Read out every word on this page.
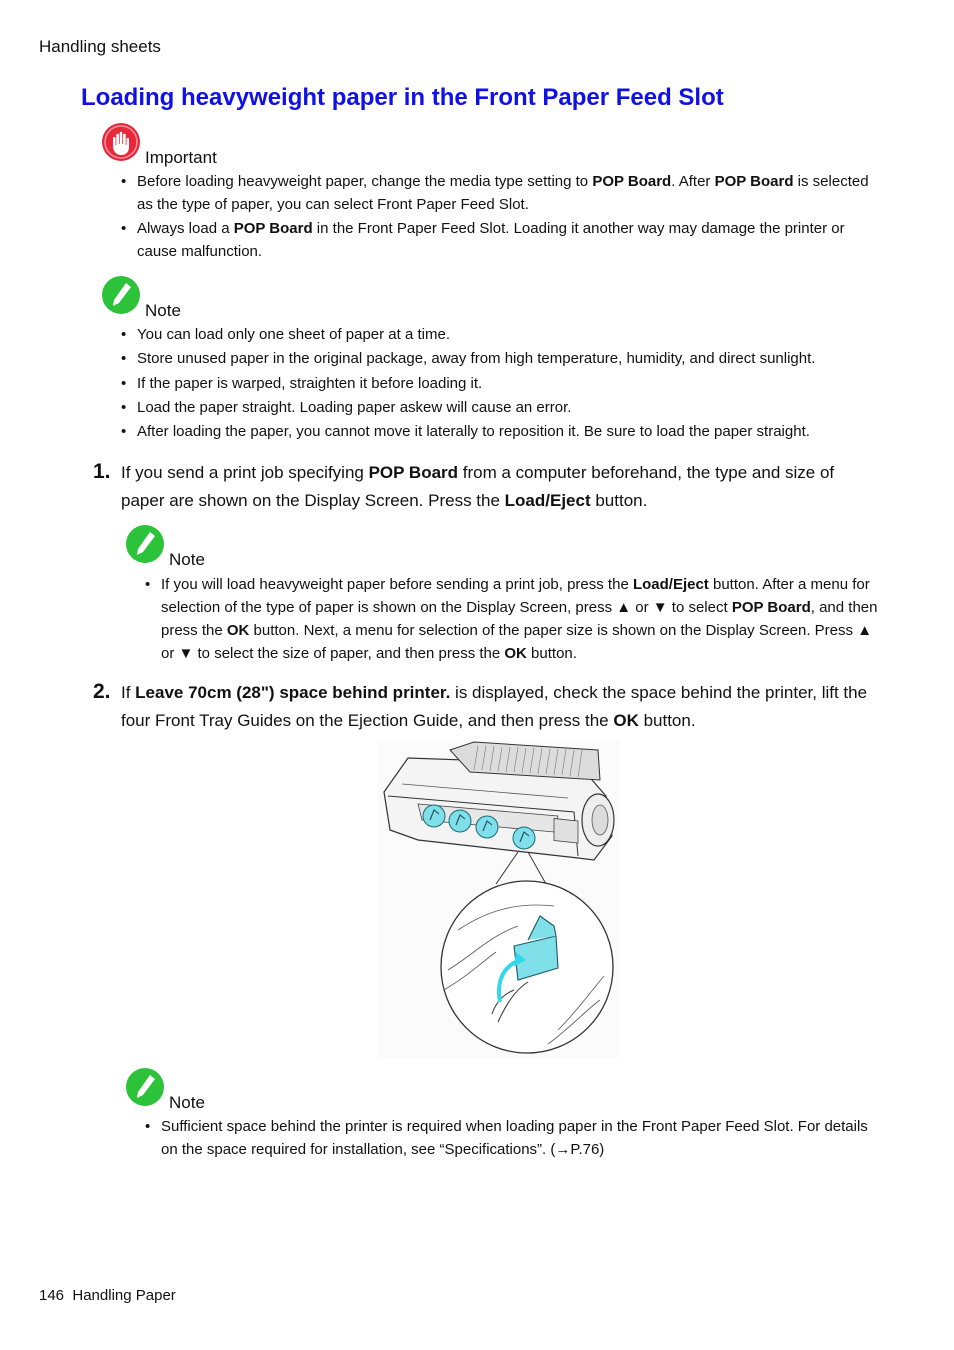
Handling sheets
Loading heavyweight paper in the Front Paper Feed Slot
Important
• Before loading heavyweight paper, change the media type setting to POP Board. After POP Board is selected as the type of paper, you can select Front Paper Feed Slot.
• Always load a POP Board in the Front Paper Feed Slot. Loading it another way may damage the printer or cause malfunction.
Note
• You can load only one sheet of paper at a time.
• Store unused paper in the original package, away from high temperature, humidity, and direct sunlight.
• If the paper is warped, straighten it before loading it.
• Load the paper straight. Loading paper askew will cause an error.
• After loading the paper, you cannot move it laterally to reposition it. Be sure to load the paper straight.
1. If you send a print job specifying POP Board from a computer beforehand, the type and size of paper are shown on the Display Screen. Press the Load/Eject button.
Note
• If you will load heavyweight paper before sending a print job, press the Load/Eject button. After a menu for selection of the type of paper is shown on the Display Screen, press ▲ or ▼ to select POP Board, and then press the OK button. Next, a menu for selection of the paper size is shown on the Display Screen. Press ▲ or ▼ to select the size of paper, and then press the OK button.
2. If Leave 70cm (28") space behind printer. is displayed, check the space behind the printer, lift the four Front Tray Guides on the Ejection Guide, and then press the OK button.
Note
• Sufficient space behind the printer is required when loading paper in the Front Paper Feed Slot. For details on the space required for installation, see “Specifications”. (→P.76)
146 Handling Paper
